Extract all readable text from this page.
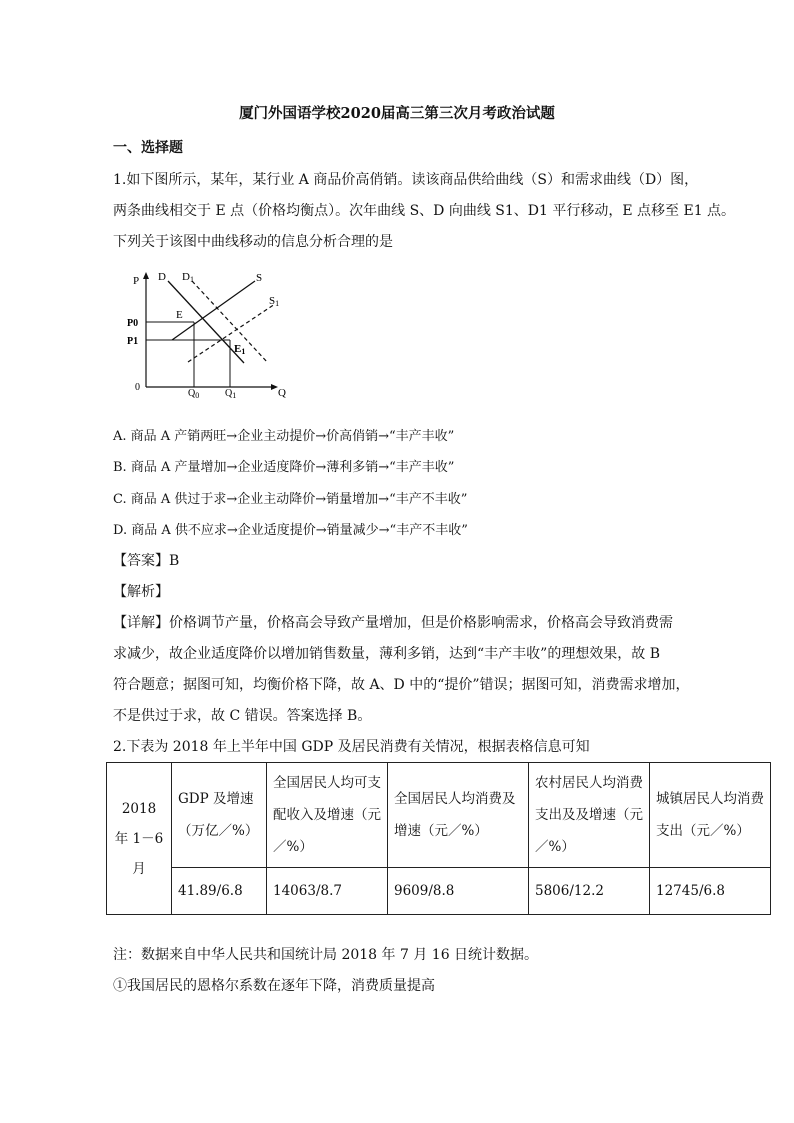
厦门外国语学校2020届高三第三次月考政治试题
一、选择题
1.如下图所示，某年，某行业 A 商品价高俏销。读该商品供给曲线（S）和需求曲线（D）图，
两条曲线相交于 E 点（价格均衡点）。次年曲线 S、D 向曲线 S1、D1 平行移动，E 点移至 E1 点。
下列关于该图中曲线移动的信息分析合理的是
P D D1	S
S1
E
E1
P0
P1
0
$Q_0$	$Q_1$	Q
A. 商品 A 产销两旺→企业主动提价→价高俏销→“丰产丰收”
B. 商品 A 产量增加→企业适度降价→薄利多销→“丰产丰收”
C. 商品 A 供过于求→企业主动降价→销量增加→“丰产不丰收”
D. 商品 A 供不应求→企业适度提价→销量减少→“丰产不丰收”
【答案】B
【解析】
【详解】价格调节产量，价格高会导致产量增加，但是价格影响需求，价格高会导致消费需
求减少，故企业适度降价以增加销售数量，薄利多销，达到“丰产丰收”的理想效果，故 B
符合题意；据图可知，均衡价格下降，故 A、D 中的“提价”错误；据图可知，消费需求增加，
不是供过于求，故 C 错误。答案选择 B。
2.下表为 2018 年上半年中国 GDP 及居民消费有关情况，根据表格信息可知
2018 年 1－6 月	GDP 及增速（万亿／%）	全国居民人均可支配收入及增速（元／%）	全国居民人均消费及增速（元／%）	农村居民人均消费支出及及增速（元／%）	城镇居民人均消费支出（元／%）
	41.89/6.8	14063/8.7	9609/8.8	5806/12.2	12745/6.8
注：数据来自中华人民共和国统计局 2018 年 7 月 16 日统计数据。
①我国居民的恩格尔系数在逐年下降，消费质量提高
